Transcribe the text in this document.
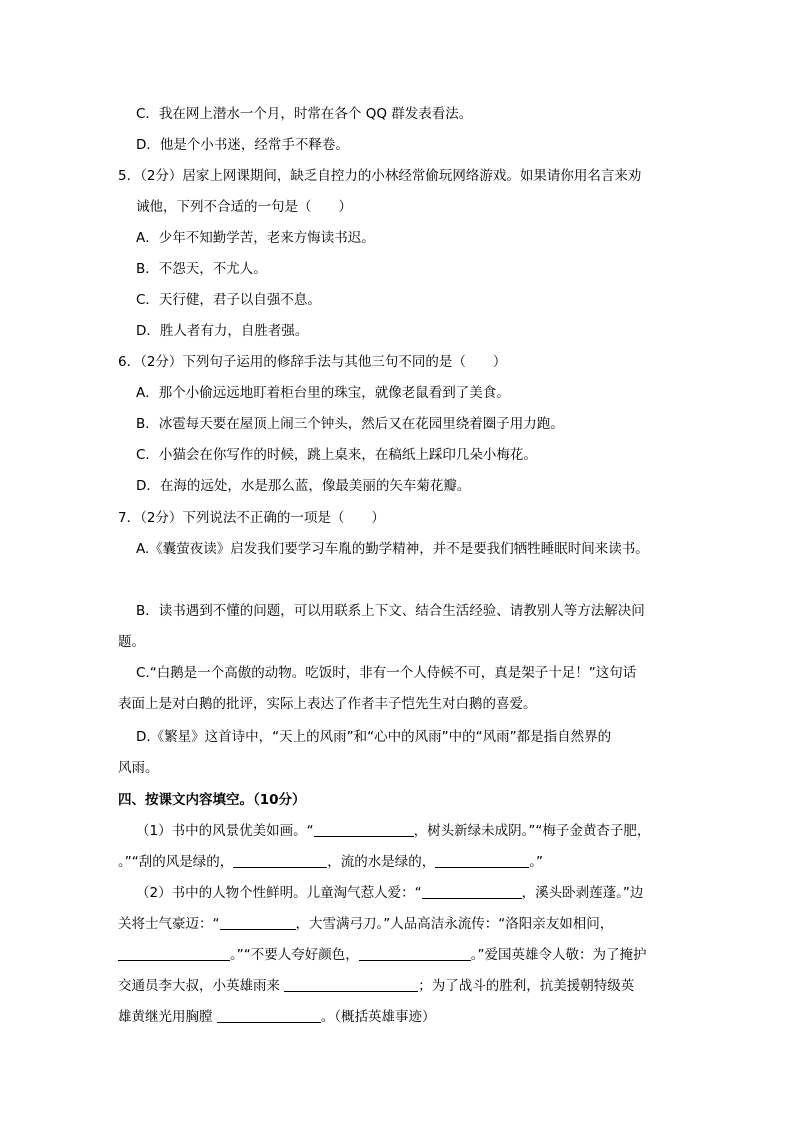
C．我在网上潜水一个月，时常在各个 QQ 群发表看法。
D．他是个小书迷，经常手不释卷。
5．（2分）居家上网课期间，缺乏自控力的小林经常偷玩网络游戏。如果请你用名言来劝
诫他，下列不合适的一句是（　　）
A．少年不知勤学苦，老来方悔读书迟。
B．不怨天，不尤人。
C．天行健，君子以自强不息。
D．胜人者有力，自胜者强。
6．（2分）下列句子运用的修辞手法与其他三句不同的是（　　）
A．那个小偷远远地盯着柜台里的珠宝，就像老鼠看到了美食。
B．冰雹每天要在屋顶上闹三个钟头，然后又在花园里绕着圈子用力跑。
C．小猫会在你写作的时候，跳上桌来，在稿纸上踩印几朵小梅花。
D．在海的远处，水是那么蓝，像最美丽的矢车菊花瓣。
7．（2分）下列说法不正确的一项是（　　）
A.《囊萤夜读》启发我们要学习车胤的勤学精神，并不是要我们牺牲睡眠时间来读书。
B．读书遇到不懂的问题，可以用联系上下文、结合生活经验、请教别人等方法解决问
题。
C.“白鹅是一个高傲的动物。吃饭时，非有一个人侍候不可，真是架子十足！”这句话
表面上是对白鹅的批评，实际上表达了作者丰子恺先生对白鹅的喜爱。
D.《繁星》这首诗中，“天上的风雨”和“心中的风雨”中的“风雨”都是指自然界的
风雨。
四、按课文内容填空。（10分）
（1）书中的风景优美如画。“	，树头新绿未成阴。”“梅子金黄杏子肥，
。”“刮的风是绿的，	，流的水是绿的，	。”
（2）书中的人物个性鲜明。儿童淘气惹人爱：“	，溪头卧剥莲蓬。”边
关将士气豪迈：“	，大雪满弓刀。”人品高洁永流传：“洛阳亲友如相问，
。”“不要人夸好颜色，	。”爱国英雄令人敬：为了掩护
交通员李大叔，小英雄雨来	；为了战斗的胜利，抗美援朝特级英
雄黄继光用胸膛	。（概括英雄事迹）
